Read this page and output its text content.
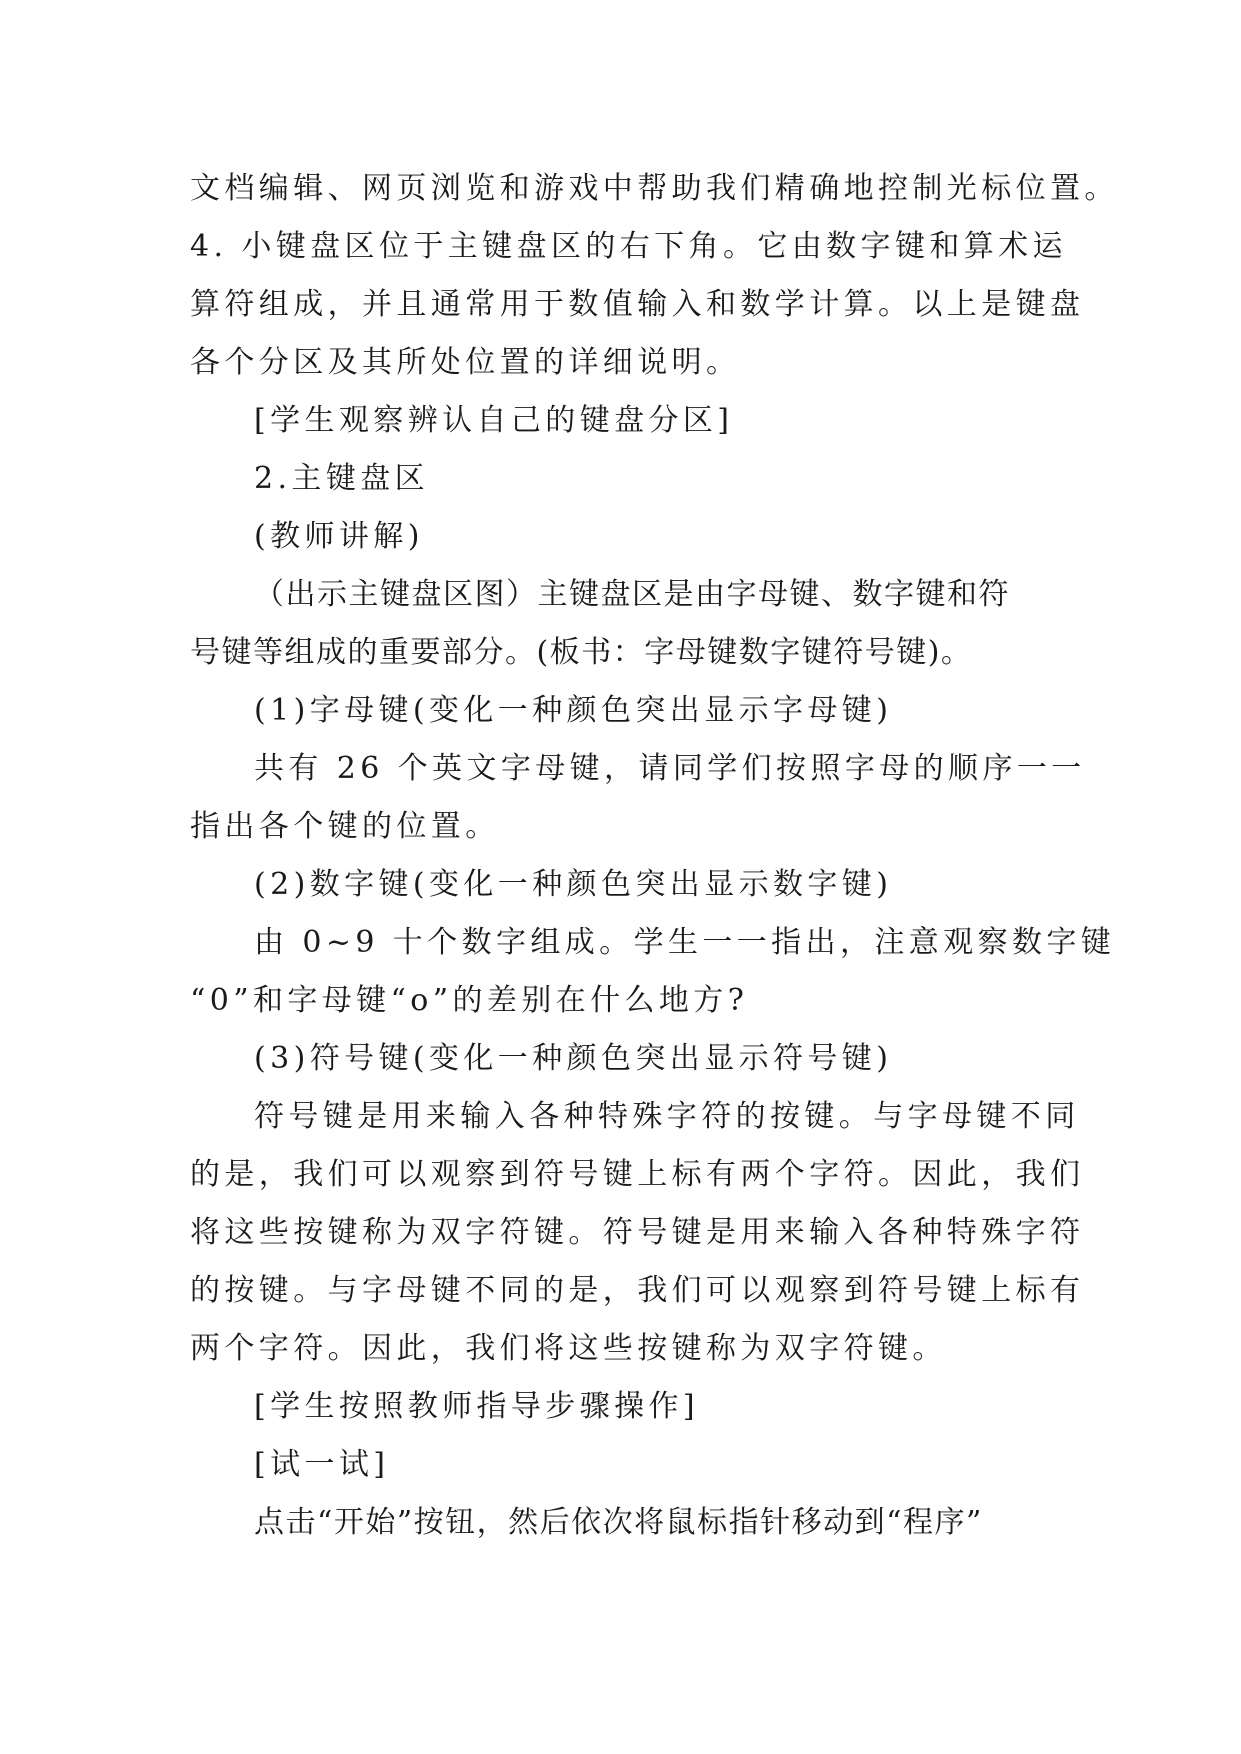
文档编辑、网页浏览和游戏中帮助我们精确地控制光标位置。
4. 小键盘区位于主键盘区的右下角。它由数字键和算术运
算符组成，并且通常用于数值输入和数学计算。以上是键盘
各个分区及其所处位置的详细说明。
[学生观察辨认自己的键盘分区]
2.主键盘区
(教师讲解)
（出示主键盘区图）主键盘区是由字母键、数字键和符
号键等组成的重要部分。(板书：字母键数字键符号键)。
(1)字母键(变化一种颜色突出显示字母键)
共有 26 个英文字母键，请同学们按照字母的顺序一一
指出各个键的位置。
(2)数字键(变化一种颜色突出显示数字键)
由 0~9 十个数字组成。学生一一指出，注意观察数字键
“0”和字母键“o”的差别在什么地方?
(3)符号键(变化一种颜色突出显示符号键)
符号键是用来输入各种特殊字符的按键。与字母键不同
的是，我们可以观察到符号键上标有两个字符。因此，我们
将这些按键称为双字符键。符号键是用来输入各种特殊字符
的按键。与字母键不同的是，我们可以观察到符号键上标有
两个字符。因此，我们将这些按键称为双字符键。
[学生按照教师指导步骤操作]
[试一试]
点击“开始”按钮，然后依次将鼠标指针移动到“程序”
